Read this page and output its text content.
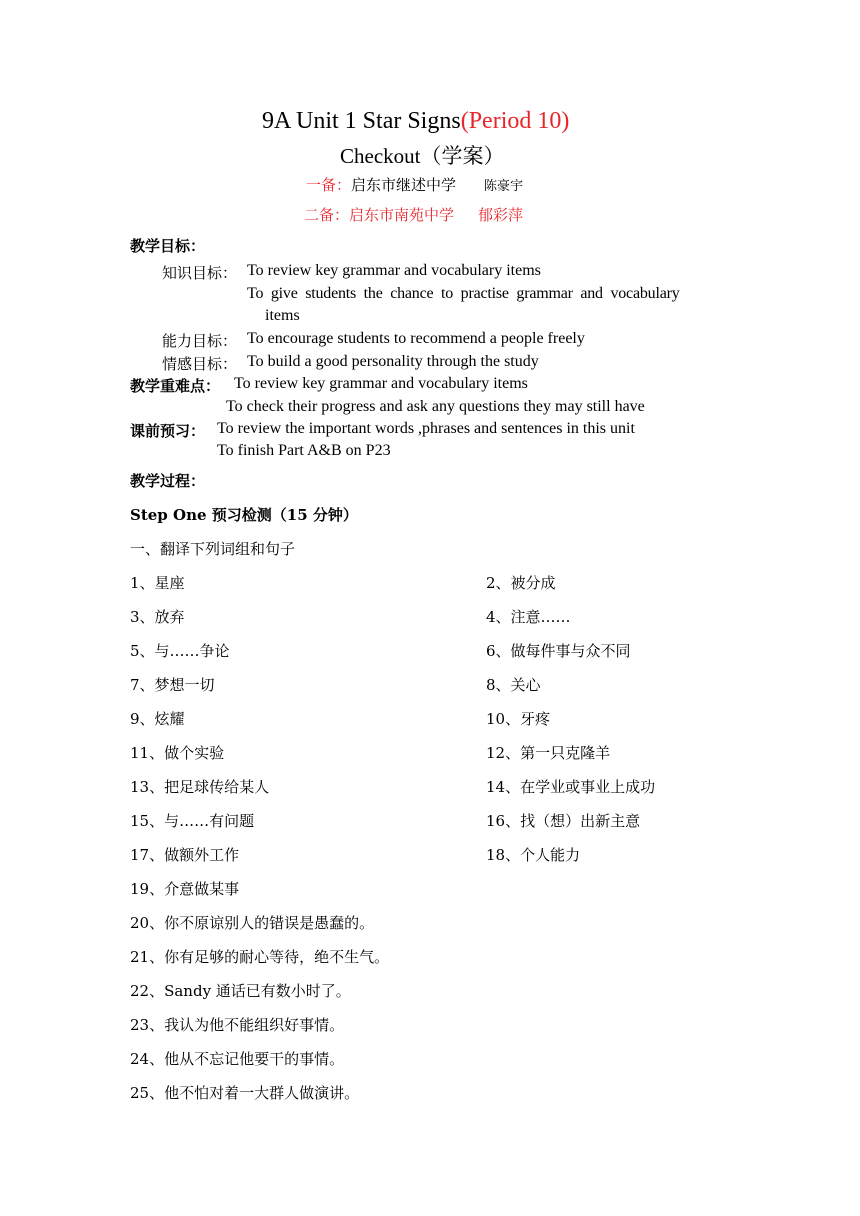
9A Unit 1 Star Signs(Period 10)
Checkout（学案）
一备：启东市继述中学 陈豪宇
二备：启东市南苑中学 郁彩萍
教学目标：
知识目标： To review key grammar and vocabulary items
To  give  students  the  chance  to  practise  grammar  and  vocabulary
items
能力目标： To encourage students to recommend a people freely
情感目标： To build a good personality through the study
教学重难点： To review key grammar and vocabulary items
To check their progress and ask any questions they may still have
课前预习： To review the important words ,phrases and sentences in this unit
To finish Part A&B on P23
教学过程：
Step One 预习检测（15 分钟）
一、翻译下列词组和句子
1、星座
3、放弃
5、与……争论
7、梦想一切
9、炫耀
11、做个实验
13、把足球传给某人
15、与……有问题
17、做额外工作
2、被分成
4、注意……
6、做每件事与众不同
8、关心
10、牙疼
12、第一只克隆羊
14、在学业或事业上成功
16、找（想）出新主意
18、个人能力
19、介意做某事
20、你不原谅别人的错误是愚蠢的。
21、你有足够的耐心等待，绝不生气。
22、Sandy 通话已有数小时了。
23、我认为他不能组织好事情。
24、他从不忘记他要干的事情。
25、他不怕对着一大群人做演讲。
